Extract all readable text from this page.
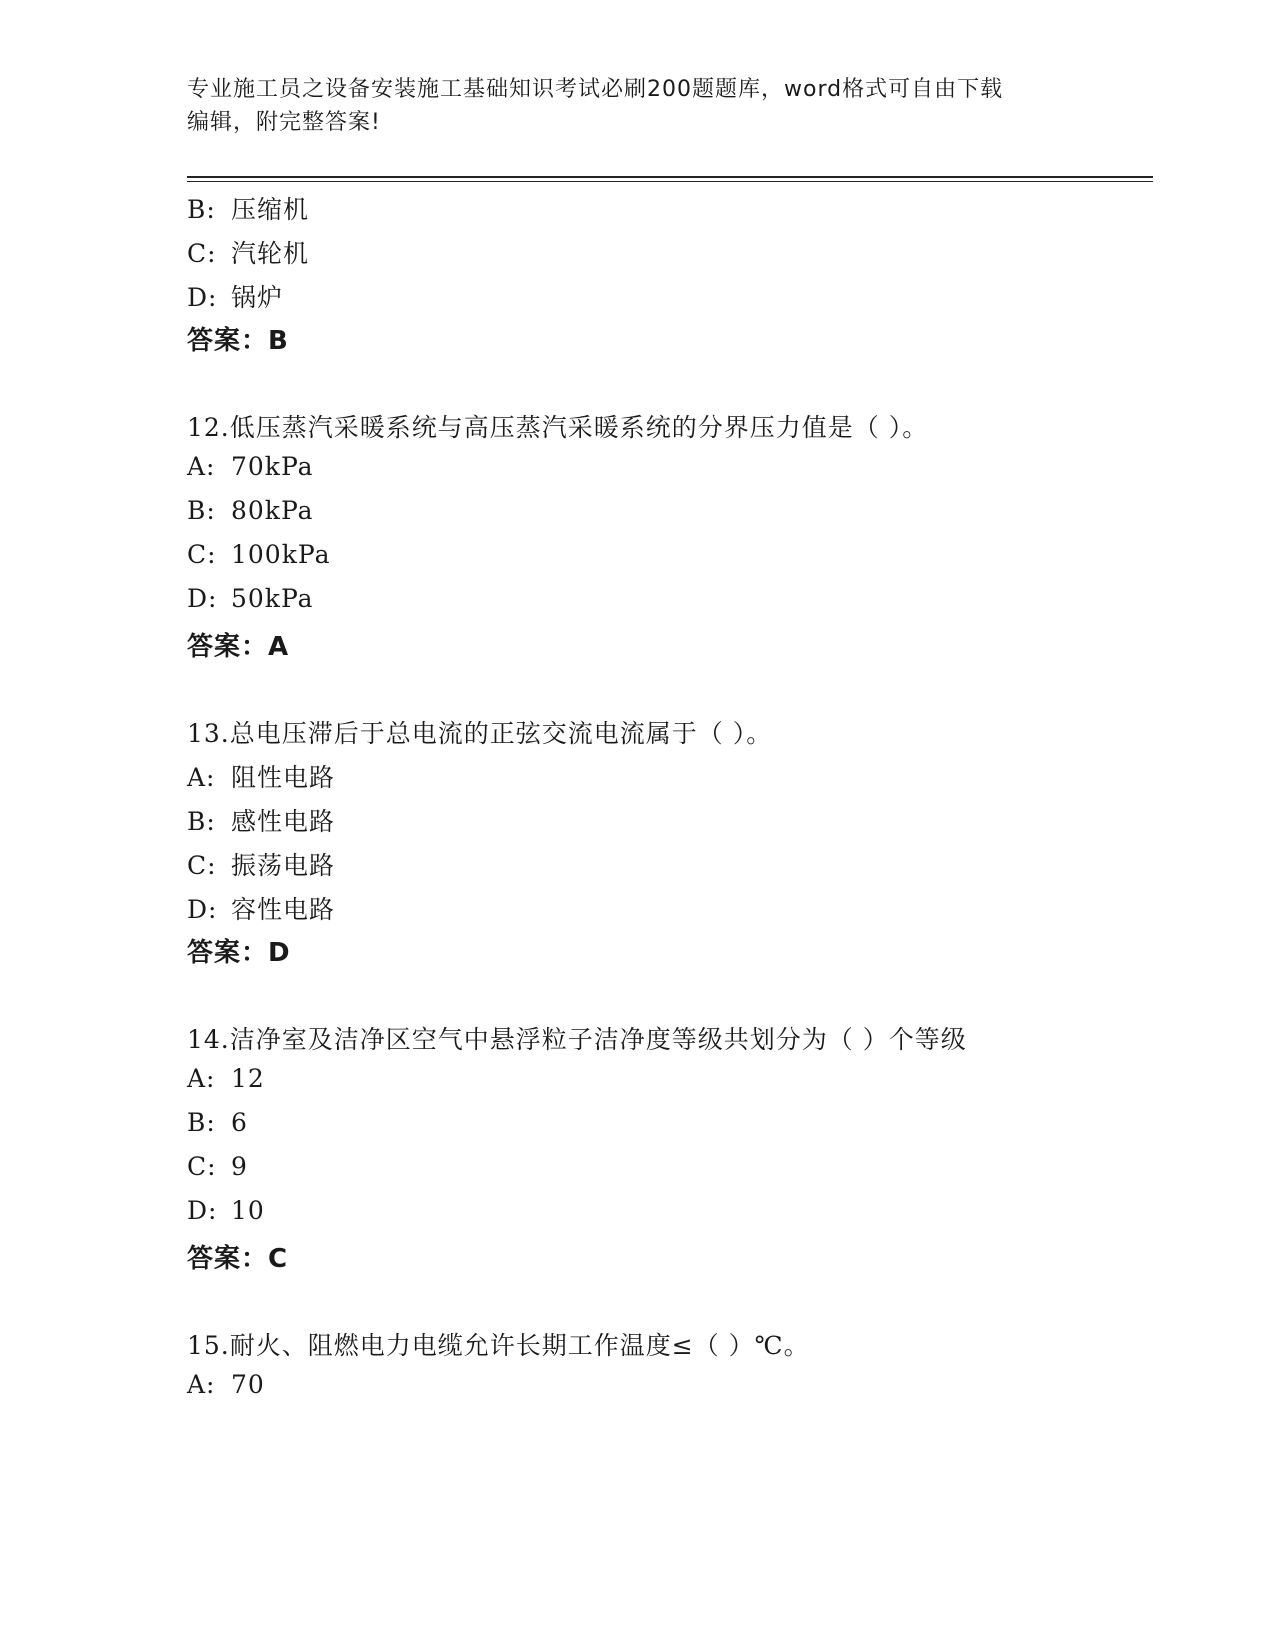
专业施工员之设备安装施工基础知识考试必刷200题题库，word格式可自由下载
编辑，附完整答案!
B: 压缩机
C: 汽轮机
D: 锅炉
答案：B
12.低压蒸汽采暖系统与高压蒸汽采暖系统的分界压力值是（ ）。
A: 70kPa
B: 80kPa
C: 100kPa
D: 50kPa
答案：A
13.总电压滞后于总电流的正弦交流电流属于（ ）。
A: 阻性电路
B: 感性电路
C: 振荡电路
D: 容性电路
答案：D
14.洁净室及洁净区空气中悬浮粒子洁净度等级共划分为（ ）个等级
A: 12
B: 6
C: 9
D: 10
答案：C
15.耐火、阻燃电力电缆允许长期工作温度≤（ ）℃。
A: 70
